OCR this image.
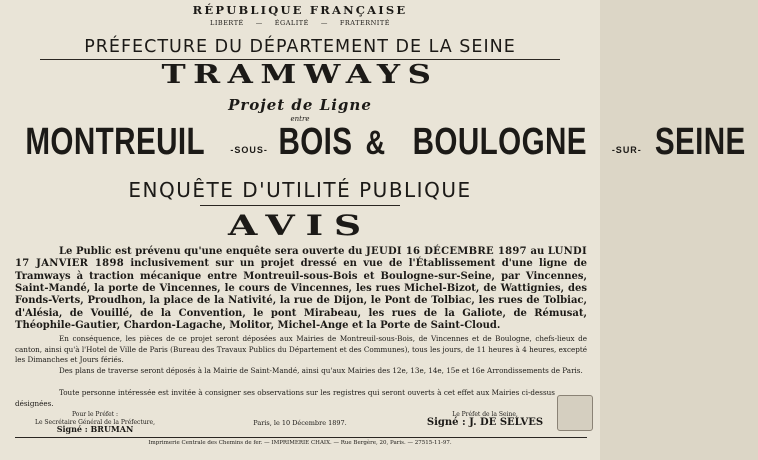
RÉPUBLIQUE FRANÇAISE
LIBERTÉ — ÉGALITÉ — FRATERNITÉ
PRÉFECTURE DU DÉPARTEMENT DE LA SEINE
TRAMWAYS
Projet de Ligne
entre
MONTREUIL	-SOUS- BOIS & BOULOGNE	-SUR- SEINE
ENQUÊTE D'UTILITÉ PUBLIQUE
AVIS
Le Public est prévenu qu'une enquête sera ouverte du JEUDI 16 DÉCEMBRE 1897 au LUNDI 17 JANVIER 1898 inclusivement sur un projet dressé en vue de l'Établissement d'une ligne de Tramways à traction mécanique entre Montreuil-sous-Bois et Boulogne-sur-Seine, par Vincennes, Saint-Mandé, la porte de Vincennes, le cours de Vincennes, les rues Michel-Bizot, de Wattignies, des Fonds-Verts, Proudhon, la place de la Nativité, la rue de Dijon, le Pont de Tolbiac, les rues de Tolbiac, d'Alésia, de Vouillé, de la Convention, le pont Mirabeau, les rues de la Galiote, de Rémusat, Théophile-Gautier, Chardon-Lagache, Molitor, Michel-Ange et la Porte de Saint-Cloud.
En conséquence, les pièces de ce projet seront déposées aux Mairies de Montreuil-sous-Bois, de Vincennes et de Boulogne, chefs-lieux de canton, ainsi qu'à l'Hotel de Ville de Paris (Bureau des Travaux Publics du Département et des Communes), tous les jours, de 11 heures à 4 heures, excepté les Dimanches et Jours fériés.
Des plans de traverse seront déposés à la Mairie de Saint-Mandé, ainsi qu'aux Mairies des 12e, 13e, 14e, 15e et 16e Arrondissements de Paris.
Toute personne intéressée est invitée à consigner ses observations sur les registres qui seront ouverts à cet effet aux Mairies ci-dessus désignées.
Pour le Préfet :
Le Secrétaire Général de la Préfecture,
Signé : BRUMAN
Paris, le 10 Décembre 1897.
Le Préfet de la Seine,
Signé : J. DE SELVES
Imprimerie Centrale des Chemins de fer. — IMPRIMERIE CHAIX. — Rue Bergère, 20, Paris. — 27515-11-97.
